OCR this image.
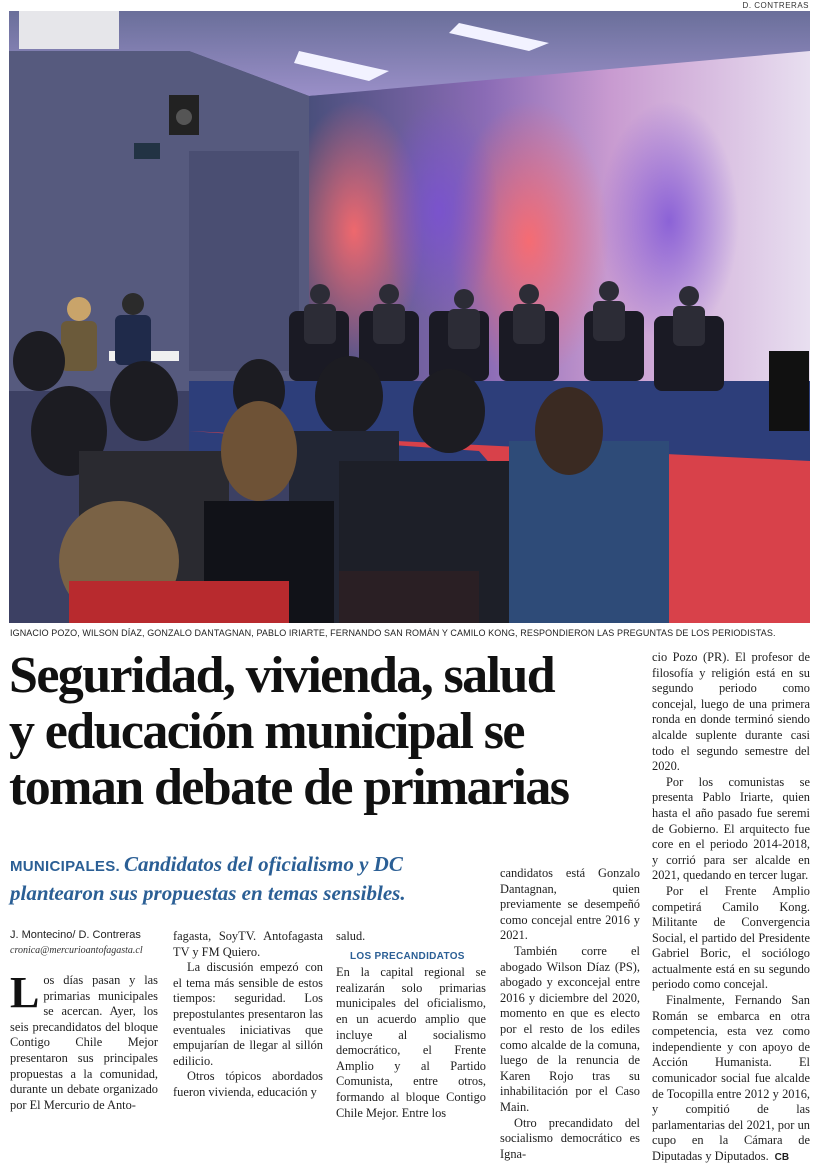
D. CONTRERAS
IGNACIO POZO, WILSON DÍAZ, GONZALO DANTAGNAN, PABLO IRIARTE, FERNANDO SAN ROMÁN Y CAMILO KONG, RESPONDIERON LAS PREGUNTAS DE LOS PERIODISTAS.
Seguridad, vivienda, salud
y educación municipal se
toman debate de primarias
MUNICIPALES. Candidatos del oficialismo y DC plantearon sus propuestas en temas sensibles.
J. Montecino/ D. Contreras
cronica@mercurioantofagasta.cl

Los días pasan y las primarias municipales se acercan. Ayer, los seis precandidatos del bloque Contigo Chile Mejor presentaron sus principales propuestas a la comunidad, durante un debate organizado por El Mercurio de Anto-

fagasta, SoyTV. Antofagasta TV y FM Quiero.

La discusión empezó con el tema más sensible de estos tiempos: seguridad. Los prepostulantes presentaron las eventuales iniciativas que empujarían de llegar al sillón edilicio.

Otros tópicos abordados fueron vivienda, educación y

salud.

LOS PRECANDIDATOS

En la capital regional se realizarán solo primarias municipales del oficialismo, en un acuerdo amplio que incluye al socialismo democrático, el Frente Amplio y al Partido Comunista, entre otros, formando al bloque Contigo Chile Mejor. Entre los

candidatos está Gonzalo Dantagnan, quien previamente se desempeñó como concejal entre 2016 y 2021.

También corre el abogado Wilson Díaz (PS), abogado y exconcejal entre 2016 y diciembre del 2020, momento en que es electo por el resto de los ediles como alcalde de la comuna, luego de la renuncia de Karen Rojo tras su inhabilitación por el Caso Main.

Otro precandidato del socialismo democrático es Igna-

cio Pozo (PR). El profesor de filosofía y religión está en su segundo periodo como concejal, luego de una primera ronda en donde terminó siendo alcalde suplente durante casi todo el segundo semestre del 2020.

Por los comunistas se presenta Pablo Iriarte, quien hasta el año pasado fue seremi de Gobierno. El arquitecto fue core en el periodo 2014-2018, y corrió para ser alcalde en 2021, quedando en tercer lugar.

Por el Frente Amplio competirá Camilo Kong. Militante de Convergencia Social, el partido del Presidente Gabriel Boric, el sociólogo actualmente está en su segundo periodo como concejal.

Finalmente, Fernando San Román se embarca en otra competencia, esta vez como independiente y con apoyo de Acción Humanista. El comunicador social fue alcalde de Tocopilla entre 2012 y 2016, y compitió de las parlamentarias del 2021, por un cupo en la Cámara de Diputadas y Diputados. CB
